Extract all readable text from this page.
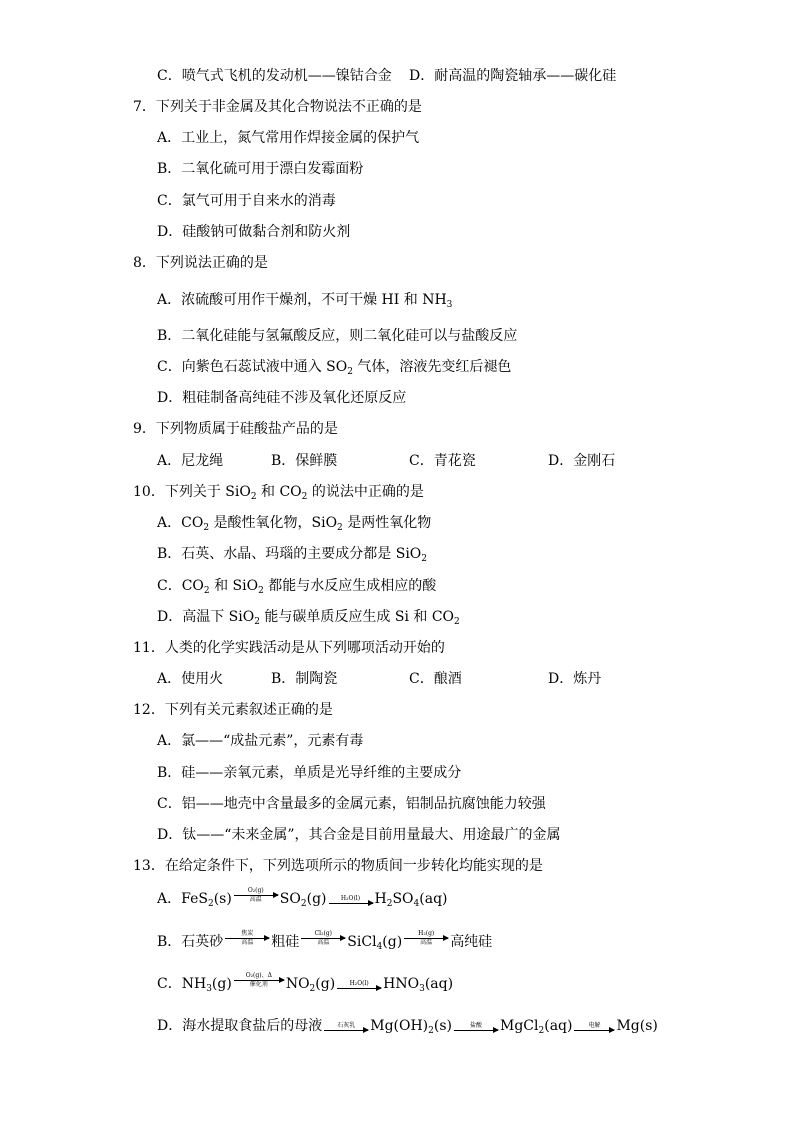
C．喷气式飞机的发动机——镍钴合金 D．耐高温的陶瓷轴承——碳化硅
7．下列关于非金属及其化合物说法不正确的是
A．工业上，氮气常用作焊接金属的保护气
B．二氧化硫可用于漂白发霉面粉
C．氯气可用于自来水的消毒
D．硅酸钠可做黏合剂和防火剂
8．下列说法正确的是
A．浓硫酸可用作干燥剂，不可干燥 HI 和 $NH_3$
B．二氧化硅能与氢氟酸反应，则二氧化硅可以与盐酸反应
C．向紫色石蕊试液中通入 $SO_2$ 气体，溶液先变红后褪色
D．粗硅制备高纯硅不涉及氧化还原反应
9．下列物质属于硅酸盐产品的是
A．尼龙绳	B．保鲜膜	C．青花瓷	D．金刚石
10．下列关于 SiO$_2$ 和 $CO_2$ 的说法中正确的是
A．$CO_2$ 是酸性氧化物，SiO$_2$ 是两性氧化物
B．石英、水晶、玛瑙的主要成分都是 SiO$_2$
C．$CO_2$ 和 SiO$_2$ 都能与水反应生成相应的酸
D．高温下 SiO$_2$ 能与碳单质反应生成 Si 和 $CO_2$
11．人类的化学实践活动是从下列哪项活动开始的
A．使用火	B．制陶瓷	C．酿酒	D．炼丹
12．下列有关元素叙述正确的是
A．氯——“成盐元素”，元素有毒
B．硅——亲氧元素，单质是光导纤维的主要成分
C．铝——地壳中含量最多的金属元素，铝制品抗腐蚀能力较强
D．钛——“未来金属”，其合金是目前用量最大、用途最广的金属
13．在给定条件下，下列选项所示的物质间一步转化均能实现的是
A． FeS$_2$(s)
O₂(g)
高温 $SO_2(g)$ H₂O(l) $H_2SO_4(aq)$
B． 石英砂
焦炭
高温 粗硅
Cl₂(g)
高温 SiCl$_4$(g)
H₂(g)
高温 高纯硅
C． $NH_3(g)$
O₂(g)、Δ
催化剂 $NO_2(g)$ H₂O(l) $HNO_3(aq)$
D． 海水提取食盐后的母液 石灰乳 $Mg(OH)_2(s)$	盐酸 MgCl$_2$(aq)	电解 Mg(s)
